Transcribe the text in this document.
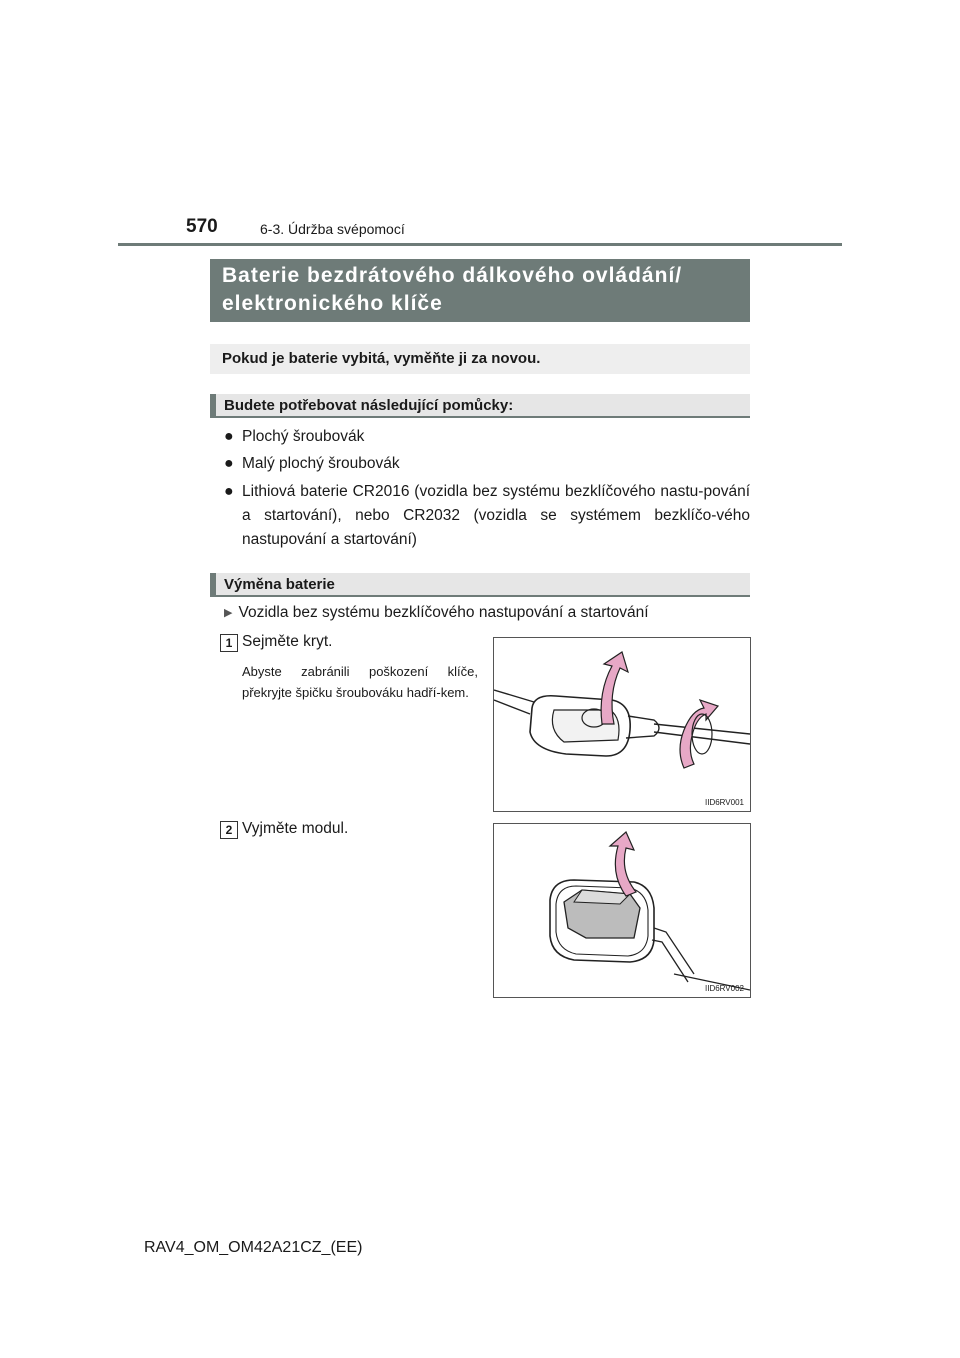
570	6-3. Údržba svépomocí
Baterie bezdrátového dálkového ovládání/
elektronického klíče
Pokud je baterie vybitá, vyměňte ji za novou.
Budete potřebovat následující pomůcky:
● Plochý šroubovák
● Malý plochý šroubovák
● Lithiová baterie CR2016 (vozidla bez systému bezklíčového nastu-pování a startování), nebo CR2032 (vozidla se systémem bezklíčo-vého nastupování a startování)
Výměna baterie
▶ Vozidla bez systému bezklíčového nastupování a startování
1 Sejměte kryt.
Abyste zabránili poškození klíče, překryjte špičku šroubováku hadří-kem.
IID6RV001
2 Vyjměte modul.
IID6RV002
RAV4_OM_OM42A21CZ_(EE)
